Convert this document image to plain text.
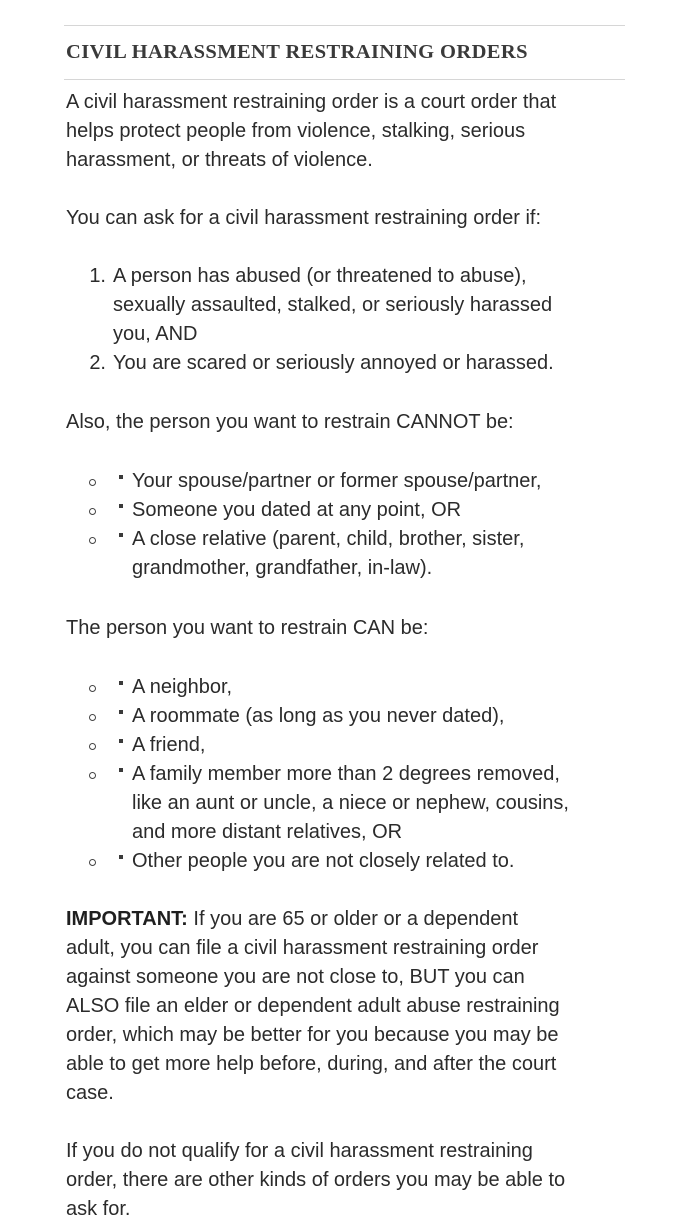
CIVIL HARASSMENT RESTRAINING ORDERS

A civil harassment restraining order is a court order that
helps protect people from violence, stalking, serious
harassment, or threats of violence.

You can ask for a civil harassment restraining order if:

1. A person has abused (or threatened to abuse),
sexually assaulted, stalked, or seriously harassed
you, AND
2. You are scared or seriously annoyed or harassed.

Also, the person you want to restrain CANNOT be:

Your spouse/partner or former spouse/partner,
Someone you dated at any point, OR
A close relative (parent, child, brother, sister,
grandmother, grandfather, in-law).

The person you want to restrain CAN be:

A neighbor,
A roommate (as long as you never dated),
A friend,
A family member more than 2 degrees removed,
like an aunt or uncle, a niece or nephew, cousins,
and more distant relatives, OR
Other people you are not closely related to.

IMPORTANT: If you are 65 or older or a dependent
adult, you can file a civil harassment restraining order
against someone you are not close to, BUT you can
ALSO file an elder or dependent adult abuse restraining
order, which may be better for you because you may be
able to get more help before, during, and after the court
case.

If you do not qualify for a civil harassment restraining
order, there are other kinds of orders you may be able to
ask for.
